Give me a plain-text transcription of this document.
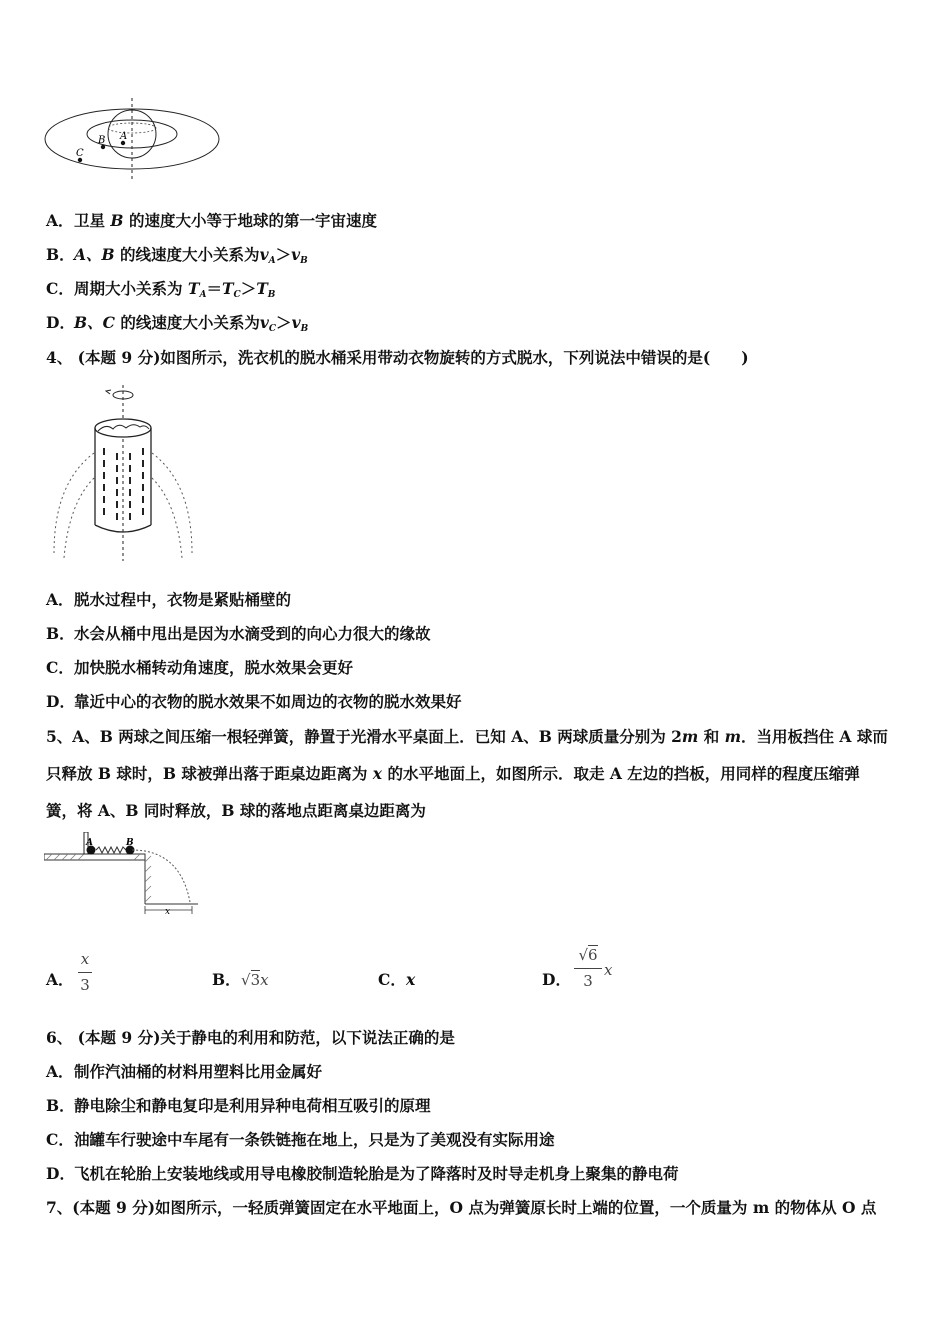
A
B
C
A．卫星 B 的速度大小等于地球的第一宇宙速度
B．A、B 的线速度大小关系为$v_A>v_B$
C．周期大小关系为 $T_A=T_C>T_B$
D．B、C 的线速度大小关系为$v_C>v_B$
4、 (本题 9 分)如图所示，洗衣机的脱水桶采用带动衣物旋转的方式脱水，下列说法中错误的是(　　)
A．脱水过程中，衣物是紧贴桶壁的
B．水会从桶中甩出是因为水滴受到的向心力很大的缘故
C．加快脱水桶转动角速度，脱水效果会更好
D．靠近中心的衣物的脱水效果不如周边的衣物的脱水效果好
5、A、B 两球之间压缩一根轻弹簧，静置于光滑水平桌面上．已知 A、B 两球质量分别为 2m 和 m．当用板挡住 A 球而
只释放 B 球时，B 球被弹出落于距桌边距离为 x 的水平地面上，如图所示．取走 A 左边的挡板，用同样的程度压缩弹
簧，将 A、B 同时释放，B 球的落地点距离桌边距离为
A	B
x
A．
x
3	B． √3x	C．x	D．
√6
3
x
6、 (本题 9 分)关于静电的利用和防范，以下说法正确的是
A．制作汽油桶的材料用塑料比用金属好
B．静电除尘和静电复印是利用异种电荷相互吸引的原理
C．油罐车行驶途中车尾有一条铁链拖在地上，只是为了美观没有实际用途
D．飞机在轮胎上安装地线或用导电橡胶制造轮胎是为了降落时及时导走机身上聚集的静电荷
7、(本题 9 分)如图所示，一轻质弹簧固定在水平地面上，O 点为弹簧原长时上端的位置，一个质量为 m 的物体从 O 点
